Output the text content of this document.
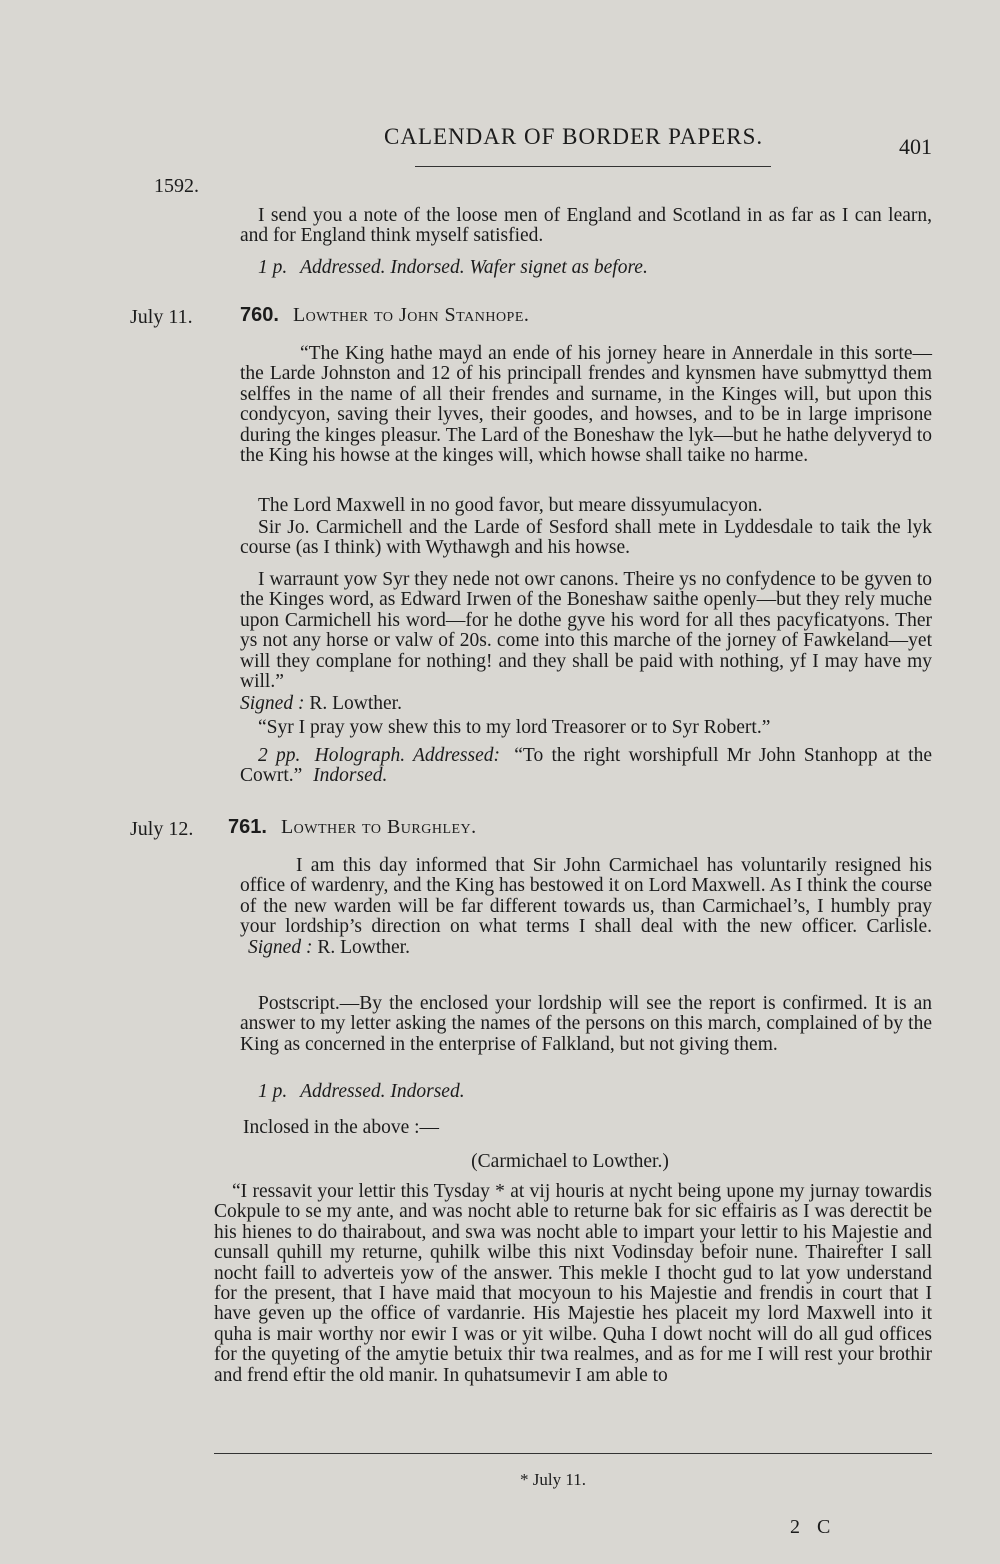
CALENDAR OF BORDER PAPERS.	401
1592.
I send you a note of the loose men of England and Scotland in as far as I can learn, and for England think myself satisfied.
1 p. Addressed. Indorsed. Wafer signet as before.
July 11. 760. Lowther to John Stanhope.
“The King hathe mayd an ende of his jorney heare in Annerdale in this sorte—the Larde Johnston and 12 of his principall frendes and kynsmen have submyttyd them selffes in the name of all their frendes and surname, in the Kinges will, but upon this condycyon, saving their lyves, their goodes, and howses, and to be in large imprisone during the kinges pleasur. The Lard of the Boneshaw the lyk—but he hathe delyveryd to the King his howse at the kinges will, which howse shall taike no harme.
The Lord Maxwell in no good favor, but meare dissyumulacyon.
Sir Jo. Carmichell and the Larde of Sesford shall mete in Lyddesdale to taik the lyk course (as I think) with Wythawgh and his howse.
I warraunt yow Syr they nede not owr canons. Theire ys no confydence to be gyven to the Kinges word, as Edward Irwen of the Boneshaw saithe openly—but they rely muche upon Carmichell his word—for he dothe gyve his word for all thes pacyficatyons. Ther ys not any horse or valw of 20s. come into this marche of the jorney of Fawkeland—yet will they complane for nothing! and they shall be paid with nothing, yf I may have my will.”
Signed : R. Lowther.
“Syr I pray yow shew this to my lord Treasorer or to Syr Robert.”
2 pp. Holograph. Addressed: “To the right worshipfull Mr John Stanhopp at the Cowrt.” Indorsed.
July 12. 761. Lowther to Burghley.
I am this day informed that Sir John Carmichael has voluntarily resigned his office of wardenry, and the King has bestowed it on Lord Maxwell. As I think the course of the new warden will be far different towards us, than Carmichael’s, I humbly pray your lordship’s direction on what terms I shall deal with the new officer. Carlisle. Signed : R. Lowther.
Postscript.—By the enclosed your lordship will see the report is confirmed. It is an answer to my letter asking the names of the persons on this march, complained of by the King as concerned in the enterprise of Falkland, but not giving them.
1 p. Addressed. Indorsed.
Inclosed in the above :—
(Carmichael to Lowther.)
“I ressavit your lettir this Tysday * at vij houris at nycht being upone my jurnay towardis Cokpule to se my ante, and was nocht able to returne bak for sic effairis as I was derectit be his hienes to do thairabout, and swa was nocht able to impart your lettir to his Majestie and cunsall quhill my returne, quhilk wilbe this nixt Vodinsday befoir nune. Thairefter I sall nocht faill to adverteis yow of the answer. This mekle I thocht gud to lat yow understand for the present, that I have maid that mocyoun to his Majestie and frendis in court that I have geven up the office of vardanrie. His Majestie hes placeit my lord Maxwell into it quha is mair worthy nor ewir I was or yit wilbe. Quha I dowt nocht will do all gud offices for the quyeting of the amytie betuix thir twa realmes, and as for me I will rest your brothir and frend eftir the old manir. In quhatsumevir I am able to
* July 11.
2 C
